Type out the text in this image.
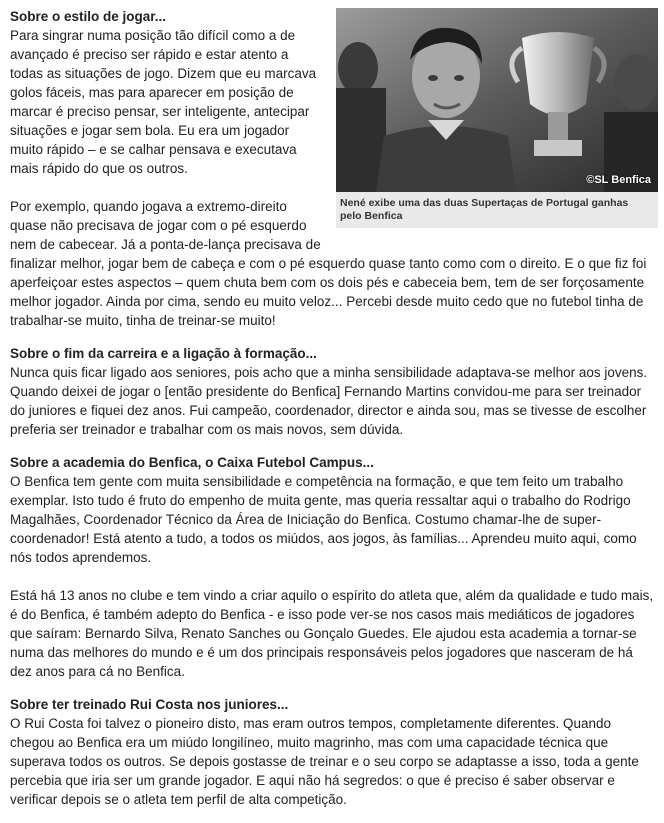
©SL Benfica
Nené exibe uma das duas Supertaças de Portugal ganhas pelo Benfica
Sobre o estilo de jogar...

Para singrar numa posição tão difícil como a de avançado é preciso ser rápido e estar atento a todas as situações de jogo. Dizem que eu marcava golos fáceis, mas para aparecer em posição de marcar é preciso pensar, ser inteligente, antecipar situações e jogar sem bola. Eu era um jogador muito rápido – e se calhar pensava e executava mais rápido do que os outros.

Por exemplo, quando jogava a extremo-direito quase não precisava de jogar com o pé esquerdo nem de cabecear. Já a ponta-de-lança precisava de finalizar melhor, jogar bem de cabeça e com o pé esquerdo quase tanto como com o direito. E o que fiz foi aperfeiçoar estes aspectos – quem chuta bem com os dois pés e cabeceia bem, tem de ser forçosamente melhor jogador. Ainda por cima, sendo eu muito veloz... Percebi desde muito cedo que no futebol tinha de trabalhar-se muito, tinha de treinar-se muito!

Sobre o fim da carreira e a ligação à formação...

Nunca quis ficar ligado aos seniores, pois acho que a minha sensibilidade adaptava-se melhor aos jovens. Quando deixei de jogar o [então presidente do Benfica] Fernando Martins convidou-me para ser treinador do juniores e fiquei dez anos. Fui campeão, coordenador, director e ainda sou, mas se tivesse de escolher preferia ser treinador e trabalhar com os mais novos, sem dúvida.

Sobre a academia do Benfica, o Caixa Futebol Campus...

O Benfica tem gente com muita sensibilidade e competência na formação, e que tem feito um trabalho exemplar. Isto tudo é fruto do empenho de muita gente, mas queria ressaltar aqui o trabalho do Rodrigo Magalhães, Coordenador Técnico da Área de Iniciação do Benfica. Costumo chamar-lhe de super-coordenador! Está atento a tudo, a todos os miúdos, aos jogos, às famílias... Aprendeu muito aqui, como nós todos aprendemos.

Está há 13 anos no clube e tem vindo a criar aquilo o espírito do atleta que, além da qualidade e tudo mais, é do Benfica, é também adepto do Benfica - e isso pode ver-se nos casos mais mediáticos de jogadores que saíram: Bernardo Silva, Renato Sanches ou Gonçalo Guedes. Ele ajudou esta academia a tornar-se numa das melhores do mundo e é um dos principais responsáveis pelos jogadores que nasceram de há dez anos para cá no Benfica.

Sobre ter treinado Rui Costa nos juniores...

O Rui Costa foi talvez o pioneiro disto, mas eram outros tempos, completamente diferentes. Quando chegou ao Benfica era um miúdo longilíneo, muito magrinho, mas com uma capacidade técnica que superava todos os outros. Se depois gostasse de treinar e o seu corpo se adaptasse a isso, toda a gente percebia que iria ser um grande jogador. E aqui não há segredos: o que é preciso é saber observar e verificar depois se o atleta tem perfil de alta competição.
